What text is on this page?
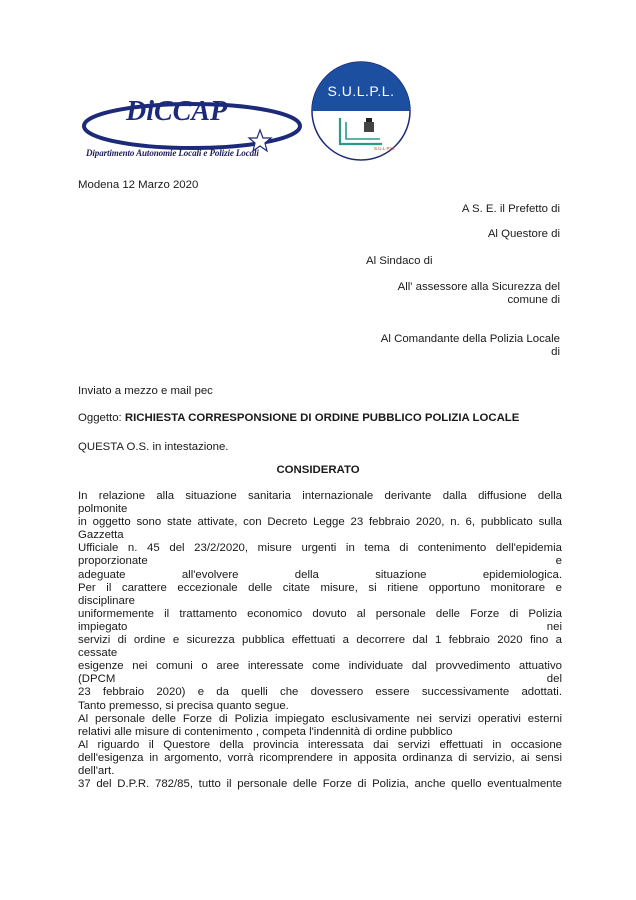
DiCCAP
Dipartimento Autonomie Locali e Polizie Locali
S.U.L.P.L.
S.U.L.P.M.
Modena 12 Marzo 2020
A S. E. il Prefetto di
Al Questore di
Al Sindaco di
All' assessore alla Sicurezza del
comune di
Al Comandante della Polizia Locale
di
Inviato a mezzo e mail pec
Oggetto: RICHIESTA CORRESPONSIONE DI ORDINE PUBBLICO POLIZIA LOCALE
QUESTA O.S. in intestazione.
CONSIDERATO
In relazione alla situazione sanitaria internazionale derivante dalla diffusione della
polmonite
in oggetto sono state attivate, con Decreto Legge 23 febbraio 2020, n. 6, pubblicato sulla
Gazzetta
Ufficiale n. 45 del 23/2/2020, misure urgenti in tema di contenimento dell'epidemia
proporzionate e
adeguate all'evolvere della situazione epidemiologica.
Per il carattere eccezionale delle citate misure, si ritiene opportuno monitorare e
disciplinare
uniformemente il trattamento economico dovuto al personale delle Forze di Polizia
impiegato nei
servizi di ordine e sicurezza pubblica effettuati a decorrere dal 1 febbraio 2020 fino a
cessate
esigenze nei comuni o aree interessate come individuate dal provvedimento attuativo
(DPCM del
23 febbraio 2020) e da quelli che dovessero essere successivamente adottati.
Tanto premesso, si precisa quanto segue.
Al personale delle Forze di Polizia impiegato esclusivamente nei servizi operativi esterni
relativi alle misure di contenimento , competa l'indennità di ordine pubblico
Al riguardo il Questore della provincia interessata dai servizi effettuati in occasione
dell'esigenza in argomento, vorrà ricomprendere in apposita ordinanza di servizio, ai sensi
dell'art.
37 del D.P.R. 782/85, tutto il personale delle Forze di Polizia, anche quello eventualmente
